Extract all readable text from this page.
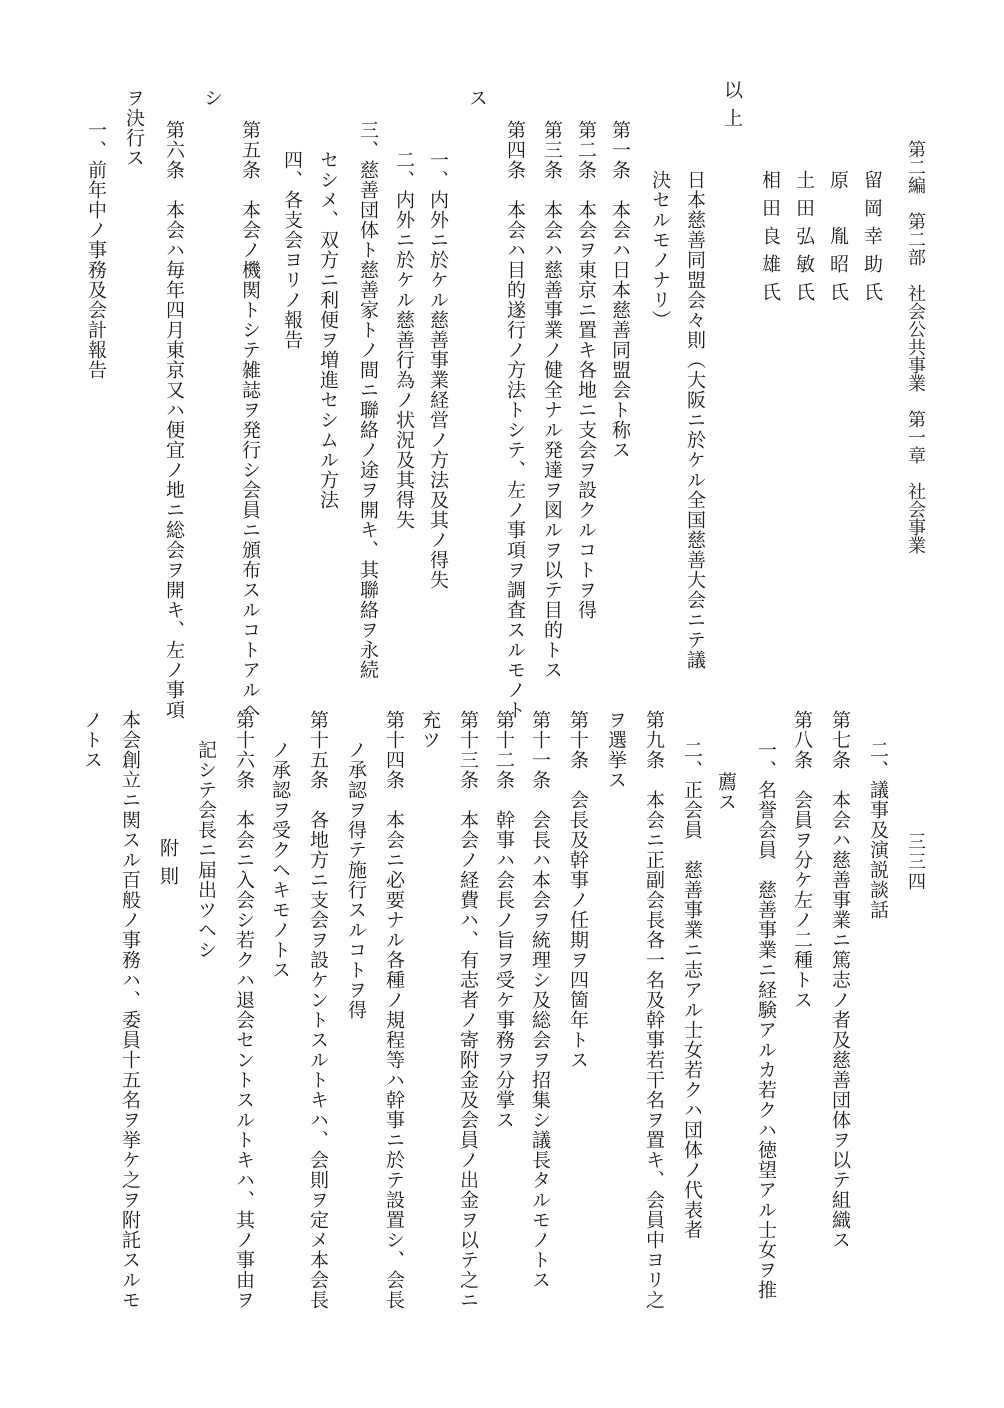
第二編　第二部　社会公共事業　第一章　社会事業
三三四
留岡幸助氏
原　胤昭氏
土田弘敏氏
相田良雄氏
以上
日本慈善同盟会々則（大阪ニ於ケル全国慈善大会ニテ議
決セルモノナリ）
第一条　本会ハ日本慈善同盟会ト称ス
第二条　本会ヲ東京ニ置キ各地ニ支会ヲ設クルコトヲ得
第三条　本会ハ慈善事業ノ健全ナル発達ヲ図ルヲ以テ目的トス
第四条　本会ハ目的遂行ノ方法トシテ、左ノ事項ヲ調査スルモノト
ス
一、内外ニ於ケル慈善事業経営ノ方法及其ノ得失
二、内外ニ於ケル慈善行為ノ状況及其得失
三、慈善団体ト慈善家トノ間ニ聯絡ノ途ヲ開キ、其聯絡ヲ永続
セシメ、双方ニ利便ヲ増進セシムル方法
四、各支会ヨリノ報告
第五条　本会ノ機関トシテ雑誌ヲ発行シ会員ニ頒布スルコトアルヘ
シ
第六条　本会ハ毎年四月東京又ハ便宜ノ地ニ総会ヲ開キ、左ノ事項
ヲ決行ス
一、前年中ノ事務及会計報告
二、議事及演説談話
第七条　本会ハ慈善事業ニ篤志ノ者及慈善団体ヲ以テ組織ス
第八条　会員ヲ分ケ左ノ二種トス
一、名誉会員　慈善事業ニ経験アルカ若クハ徳望アル士女ヲ推
薦ス
二、正会員　慈善事業ニ志アル士女若クハ団体ノ代表者
第九条　本会ニ正副会長各一名及幹事若干名ヲ置キ、会員中ヨリ之
ヲ選挙ス
第十条　会長及幹事ノ任期ヲ四箇年トス
第十一条　会長ハ本会ヲ統理シ及総会ヲ招集シ議長タルモノトス
第十二条　幹事ハ会長ノ旨ヲ受ケ事務ヲ分掌ス
第十三条　本会ノ経費ハ、有志者ノ寄附金及会員ノ出金ヲ以テ之ニ
充ツ
第十四条　本会ニ必要ナル各種ノ規程等ハ幹事ニ於テ設置シ、会長
ノ承認ヲ得テ施行スルコトヲ得
第十五条　各地方ニ支会ヲ設ケントスルトキハ、会則ヲ定メ本会長
ノ承認ヲ受クヘキモノトス
第十六条　本会ニ入会シ若クハ退会セントスルトキハ、其ノ事由ヲ
記シテ会長ニ届出ツヘシ
附則
本会創立ニ関スル百般ノ事務ハ、委員十五名ヲ挙ケ之ヲ附託スルモ
ノトス
